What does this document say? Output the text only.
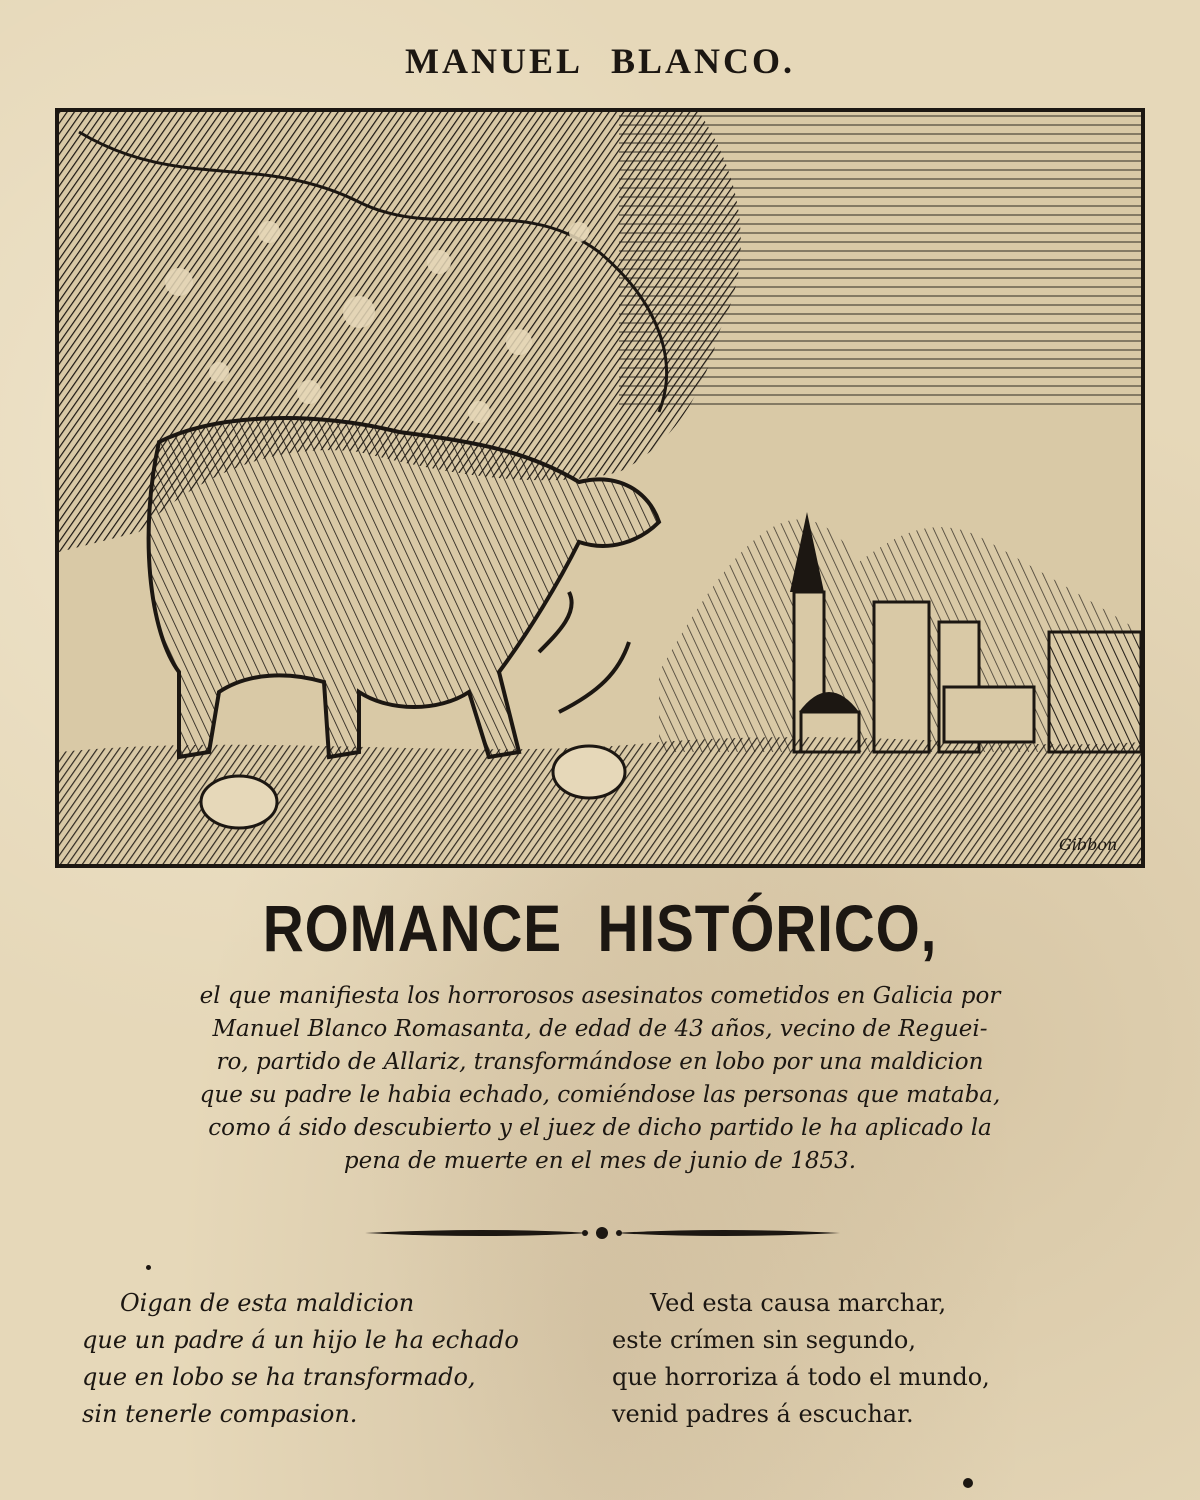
MANUEL BLANCO.
Gibbon
ROMANCE HISTÓRICO,
el que manifiesta los horrorosos asesinatos cometidos en Galicia por
Manuel Blanco Romasanta, de edad de 43 años, vecino de Reguei-
ro, partido de Allariz, transformándose en lobo por una maldicion
que su padre le habia echado, comiéndose las personas que mataba,
como á sido descubierto y el juez de dicho partido le ha aplicado la
pena de muerte en el mes de junio de 1853.
Oigan de esta maldicion
que un padre á un hijo le ha echado
que en lobo se ha transformado,
sin tenerle compasion.
Ved esta causa marchar,
este crímen sin segundo,
que horroriza á todo el mundo,
venid padres á escuchar.
